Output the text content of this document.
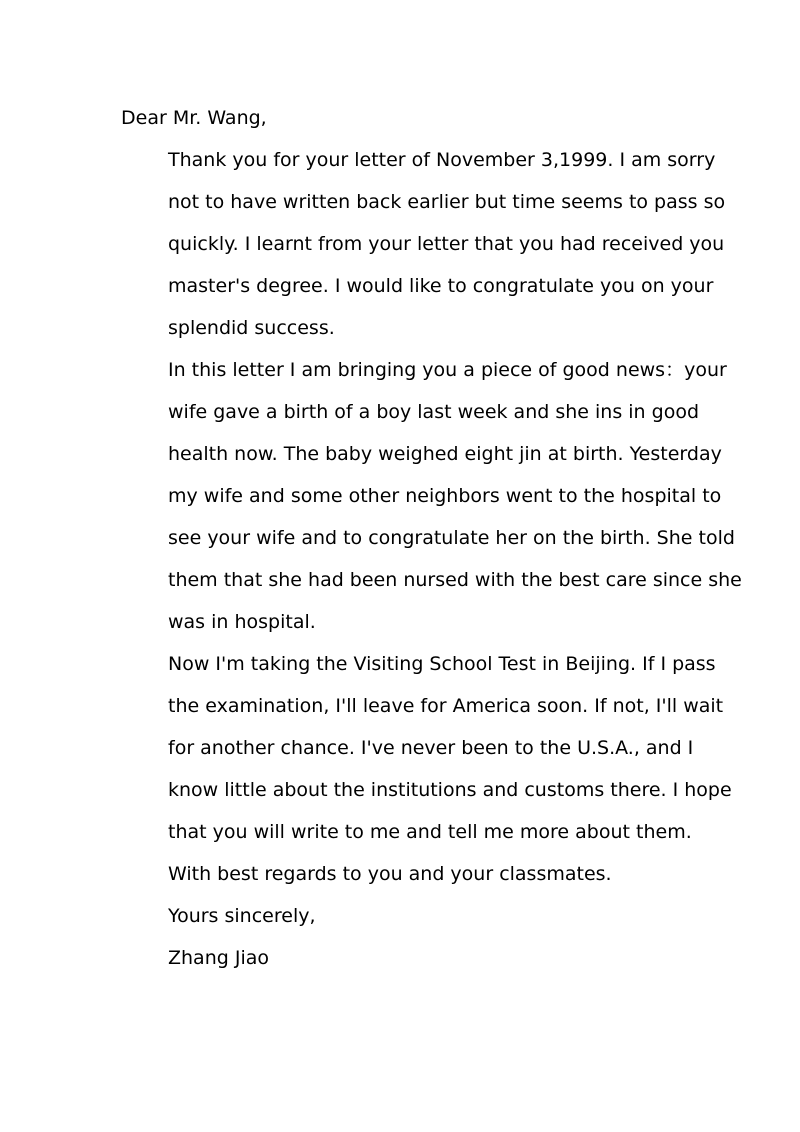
Dear Mr. Wang,
Thank you for your letter of November 3,1999. I am sorry
not to have written back earlier but time seems to pass so
quickly. I learnt from your letter that you had received you
master's degree. I would like to congratulate you on your
splendid success.
In this letter I am bringing you a piece of good news：your
wife gave a birth of a boy last week and she ins in good
health now. The baby weighed eight jin at birth. Yesterday
my wife and some other neighbors went to the hospital to
see your wife and to congratulate her on the birth. She told
them that she had been nursed with the best care since she
was in hospital.
Now I'm taking the Visiting School Test in Beijing. If I pass
the examination, I'll leave for America soon. If not, I'll wait
for another chance. I've never been to the U.S.A., and I
know little about the institutions and customs there. I hope
that you will write to me and tell me more about them.
With best regards to you and your classmates.
Yours sincerely,
Zhang Jiao
